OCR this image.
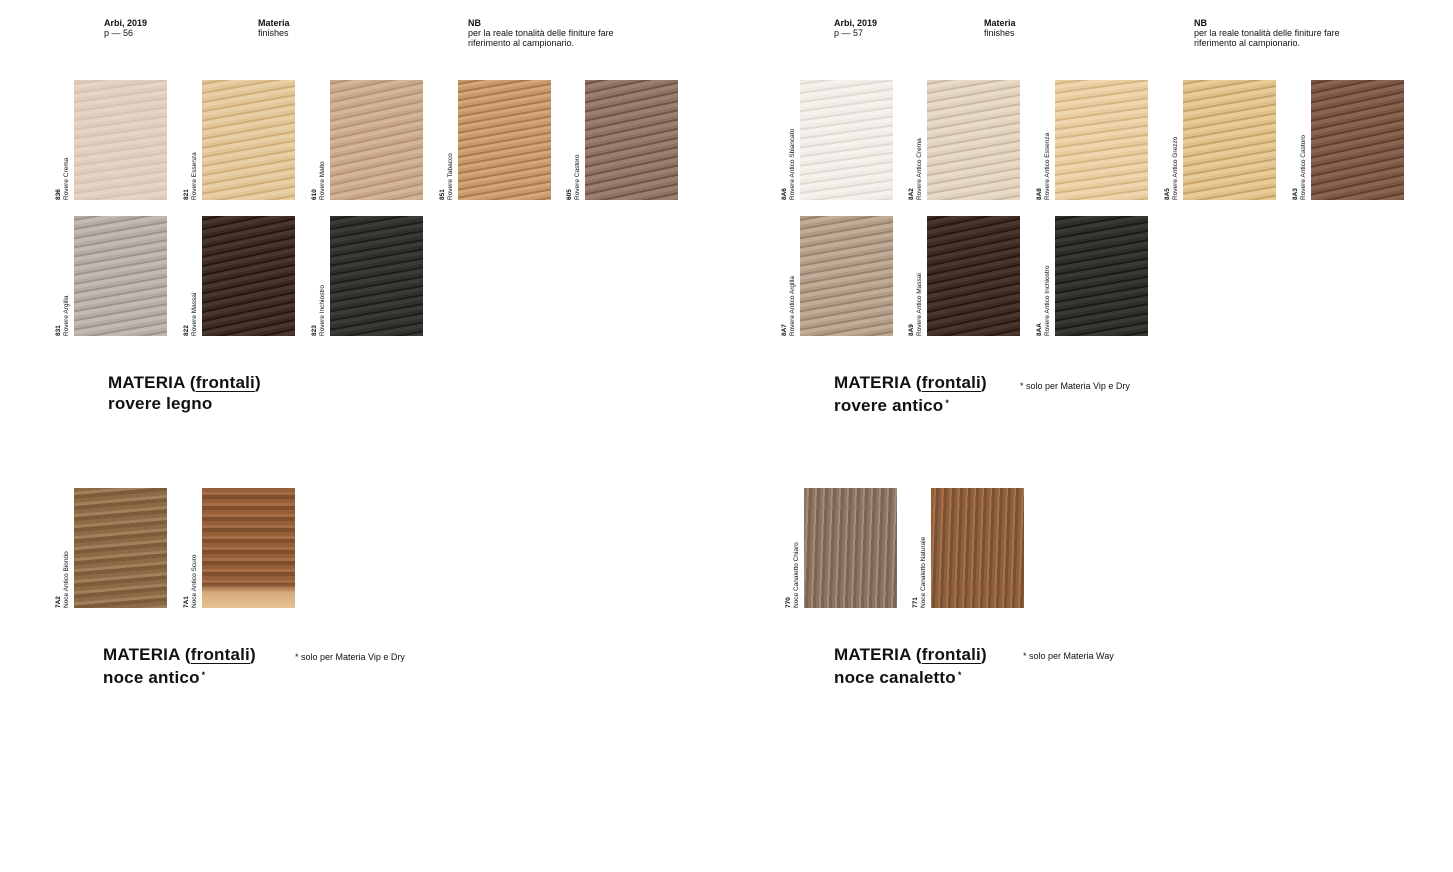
Arbi, 2019
p — 56
Materia
finishes
NB
per la reale tonalità delle finiture fare
riferimento al campionario.
836 Rovere Crema	821 Rovere Essenza	610 Rovere Malto	851 Rovere Tabacco	605 Rovere Castoro
831 Rovere Argilla	822 Rovere Massai	823 Rovere Inchiostro
MATERIA (frontali)
rovere legno
7A2 Noce Antico Biondo	7A1 Noce Antico Scuro
MATERIA (frontali)
noce antico *
* solo per Materia Vip e Dry
Arbi, 2019
p — 57
Materia
finishes
NB
per la reale tonalità delle finiture fare
riferimento al campionario.
8A6 Rovere Antico Sbiancato	8A2 Rovere Antico Crema	8A8 Rovere Antico Essenza	8A5 Rovere Antico Grezzo	8A3 Rovere Antico Castoro
8A7 Rovere Antico Argilla	8A9 Rovere Antico Massai	8AA Rovere Antico Inchiostro
MATERIA (frontali)
rovere antico *
* solo per Materia Vip e Dry
770 Noce Canaletto Chiaro	771 Noce Canaletto Naturale
MATERIA (frontali)
noce canaletto *
* solo per Materia Way
